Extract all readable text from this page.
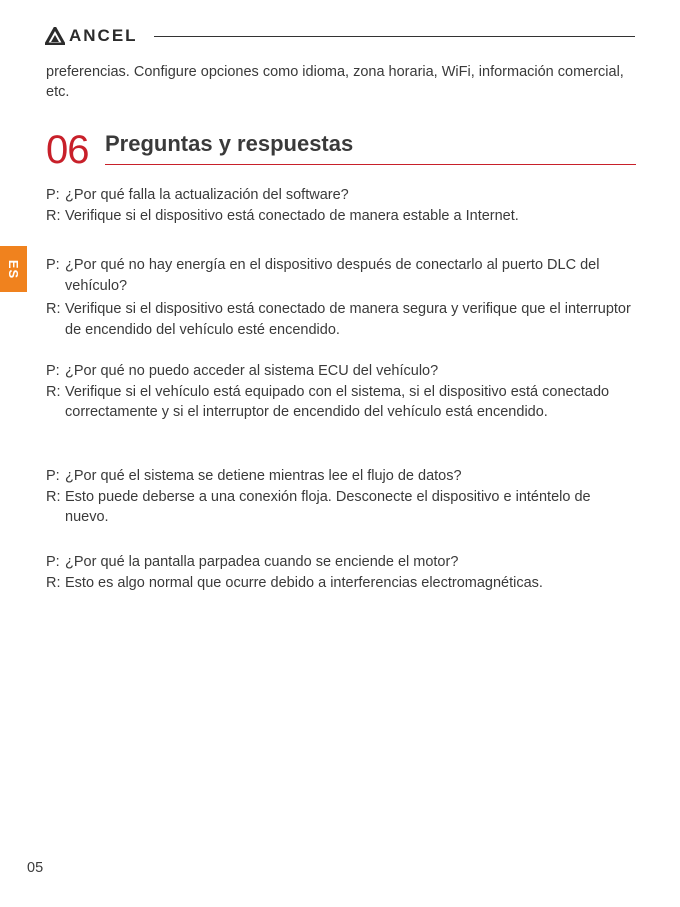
ANCEL
preferencias. Configure opciones como idioma, zona horaria, WiFi, información comercial, etc.
06 Preguntas y respuestas
P: ¿Por qué falla la actualización del software?
R: Verifique si el dispositivo está conectado de manera estable a Internet.
P: ¿Por qué no hay energía en el dispositivo después de conectarlo al puerto DLC del vehículo?
R: Verifique si el dispositivo está conectado de manera segura y verifique que el interruptor de encendido del vehículo esté encendido.
P: ¿Por qué no puedo acceder al sistema ECU del vehículo?
R: Verifique si el vehículo está equipado con el sistema, si el dispositivo está conectado correctamente y si el interruptor de encendido del vehículo está encendido.
P: ¿Por qué el sistema se detiene mientras lee el flujo de datos?
R: Esto puede deberse a una conexión floja. Desconecte el dispositivo e inténtelo de nuevo.
P: ¿Por qué la pantalla parpadea cuando se enciende el motor?
R: Esto es algo normal que ocurre debido a interferencias electromagnéticas.
ES
05
